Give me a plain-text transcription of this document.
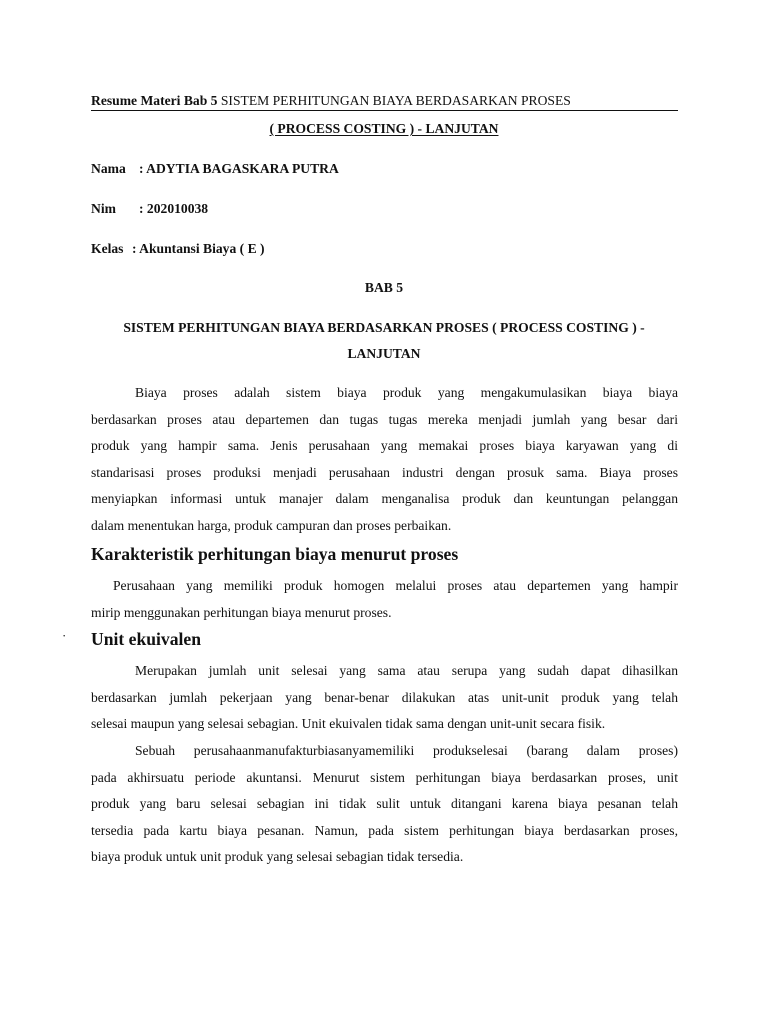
Resume Materi Bab 5 SISTEM PERHITUNGAN BIAYA BERDASARKAN PROSES
( PROCESS COSTING ) - LANJUTAN
Nama : ADYTIA BAGASKARA PUTRA
Nim : 202010038
Kelas : Akuntansi Biaya ( E )
BAB 5
SISTEM PERHITUNGAN BIAYA BERDASARKAN PROSES ( PROCESS COSTING ) -
LANJUTAN
Biaya proses adalah sistem biaya produk yang mengakumulasikan biaya biaya
berdasarkan proses atau departemen dan tugas tugas mereka menjadi jumlah yang besar dari
produk yang hampir sama. Jenis perusahaan yang memakai proses biaya karyawan yang di
standarisasi proses produksi menjadi perusahaan industri dengan prosuk sama. Biaya proses
menyiapkan informasi untuk manajer dalam menganalisa produk dan keuntungan pelanggan
dalam menentukan harga, produk campuran dan proses perbaikan.
Karakteristik perhitungan biaya menurut proses
Perusahaan yang memiliki produk homogen melalui proses atau departemen yang hampir
mirip menggunakan perhitungan biaya menurut proses.
· Unit ekuivalen
Merupakan jumlah unit selesai yang sama atau serupa yang sudah dapat dihasilkan
berdasarkan jumlah pekerjaan yang benar-benar dilakukan atas unit-unit produk yang telah
selesai maupun yang selesai sebagian. Unit ekuivalen tidak sama dengan unit-unit secara fisik.
Sebuah perusahaanmanufakturbiasanyamemiliki produkselesai (barang dalam proses)
pada akhirsuatu periode akuntansi. Menurut sistem perhitungan biaya berdasarkan proses, unit
produk yang baru selesai sebagian ini tidak sulit untuk ditangani karena biaya pesanan telah
tersedia pada kartu biaya pesanan. Namun, pada sistem perhitungan biaya berdasarkan proses,
biaya produk untuk unit produk yang selesai sebagian tidak tersedia.
